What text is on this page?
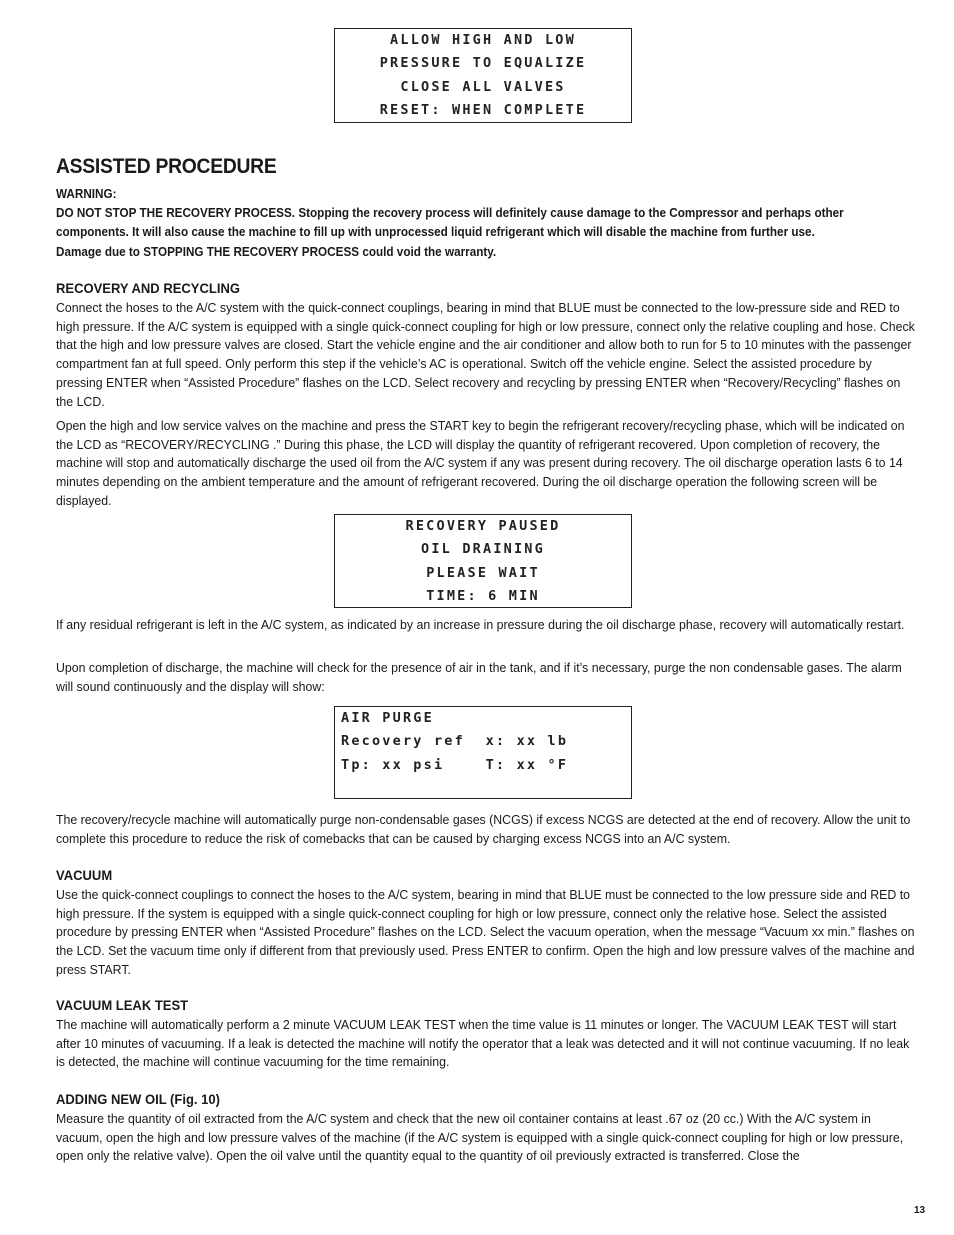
ALLOW HIGH AND LOW
PRESSURE TO EQUALIZE
CLOSE ALL VALVES
RESET: WHEN COMPLETE
ASSISTED PROCEDURE
WARNING:
DO NOT STOP THE RECOVERY PROCESS. Stopping the recovery process will definitely cause damage to the Compressor and perhaps other components. It will also cause the machine to fill up with unprocessed liquid refrigerant which will disable the machine from further use.
Damage due to STOPPING THE RECOVERY PROCESS could void the warranty.
RECOVERY AND RECYCLING
Connect the hoses to the A/C system with the quick-connect couplings, bearing in mind that BLUE must be connected to the low-pressure side and RED to high pressure. If the A/C system is equipped with a single quick-connect coupling for high or low pressure, connect only the relative coupling and hose. Check that the high and low pressure valves are closed. Start the vehicle engine and the air conditioner and allow both to run for 5 to 10 minutes with the passenger compartment fan at full speed. Only perform this step if the vehicle’s AC is operational. Switch off the vehicle engine. Select the assisted procedure by pressing ENTER when “Assisted Procedure” flashes on the LCD. Select recovery and recycling by pressing ENTER when “Recovery/Recycling” flashes on the LCD.
Open the high and low service valves on the machine and press the START key to begin the refrigerant recovery/recycling phase, which will be indicated on the LCD as “RECOVERY/RECYCLING .” During this phase, the LCD will display the quantity of refrigerant recovered. Upon completion of recovery, the machine will stop and automatically discharge the used oil from the A/C system if any was present during recovery. The oil discharge operation lasts 6 to 14 minutes depending on the ambient temperature and the amount of refrigerant recovered. During the oil discharge operation the following screen will be displayed.
RECOVERY PAUSED
OIL DRAINING
PLEASE WAIT
TIME: 6 MIN
If any residual refrigerant is left in the A/C system, as indicated by an increase in pressure during the oil discharge phase, recovery will automatically restart.
Upon completion of discharge, the machine will check for the presence of air in the tank, and if it’s necessary, purge the non condensable gases. The alarm will sound continuously and the display will show:
AIR PURGE
Recovery ref  x: xx lb
Tp: xx psi    T: xx °F
The recovery/recycle machine will automatically purge non-condensable gases (NCGS) if excess NCGS are detected at the end of recovery. Allow the unit to complete this procedure to reduce the risk of comebacks that can be caused by charging excess NCGS into an A/C system.
VACUUM
Use the quick-connect couplings to connect the hoses to the A/C system, bearing in mind that BLUE must be connected to the low pressure side and RED to high pressure. If the system is equipped with a single quick-connect coupling for high or low pressure, connect only the relative hose. Select the assisted procedure by pressing ENTER when “Assisted Procedure” flashes on the LCD. Select the vacuum operation, when the message “Vacuum xx min.” flashes on the LCD. Set the vacuum time only if different from that previously used. Press ENTER to confirm. Open the high and low pressure valves of the machine and press START.
VACUUM LEAK TEST
The machine will automatically perform a 2 minute VACUUM LEAK TEST when the time value is 11 minutes or longer. The VACUUM LEAK TEST will start after 10 minutes of vacuuming. If a leak is detected the machine will notify the operator that a leak was detected and it will not continue vacuuming. If no leak is detected, the machine will continue vacuuming for the time remaining.
ADDING NEW OIL (Fig. 10)
Measure the quantity of oil extracted from the A/C system and check that the new oil container contains at least .67 oz (20 cc.) With the A/C system in vacuum, open the high and low pressure valves of the machine (if the A/C system is equipped with a single quick-connect coupling for high or low pressure, open only the relative valve). Open the oil valve until the quantity equal to the quantity of oil previously extracted is transferred. Close the
13
